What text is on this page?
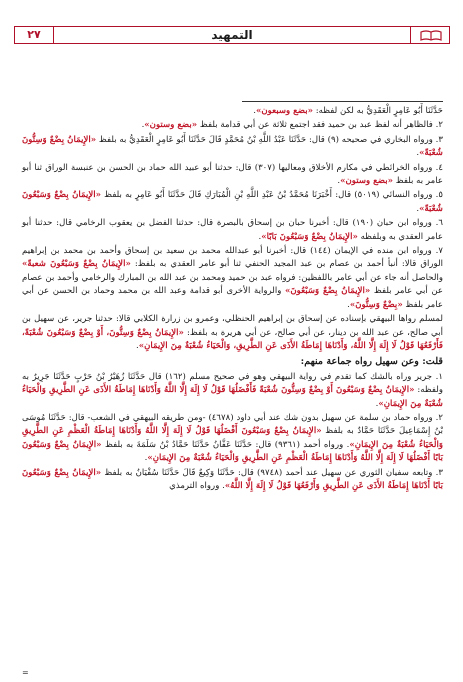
التمهيد
٢٧

حَدَّثَنَا أَبُو عَامِرٍ الْعَقَدِيُّ به لكن لفظه: «بضع وسبعون».

٢. فالظاهر أنه لفظ عبد بن حميد فقد اجتمع ثلاثة عن أبي قدامة بلفظ «بضع وستون».

٣. ورواه البخاري في صحيحه (٩) قال: حَدَّثَنَا عَبْدُ اللَّهِ بْنُ مُحَمَّدٍ قَالَ حَدَّثَنَا أَبُو عَامِرٍ الْعَقَدِيُّ به بلفظ «الإِيمَانُ بِضْعٌ وَسِتُّونَ شُعْبَةً».

٤. ورواه الخرائطي في مكارم الأخلاق ومعاليها (٣٠٧) قال: حدثنا أبو عبيد الله حماد بن الحسن بن عنبسة الوراق ثنا أبو عامر به بلفظ «بضع وستون».

٥. ورواه النسائي (٥٠١٩) قال: أَخْبَرَنَا مُحَمَّدُ بْنُ عَبْدِ اللَّهِ بْنِ الْمُبَارَكِ قَالَ حَدَّثَنَا أَبُو عَامِرٍ به بلفظ «الإِيمَانُ بِضْعٌ وَسَبْعُونَ شُعْبَةً».

٦. ورواه ابن حبان (١٩٠) قال: أخبرنا حبان بن إسحاق بالبصرة قال: حدثنا الفضل بن يعقوب الرخامي قال: حدثنا أبو عامر العقدي به وبلفظه «الإِيمَانُ بِضْعٌ وَسَبْعُونَ بَابًا».

٧. ورواه ابن منده في الإيمان (١٤٤) قال: أخبرنا أبو عبدالله محمد بن سعيد بن إسحاق وأحمد بن محمد بن إبراهيم الوراق قالا: أنبأ أحمد بن عصام بن عبد المجيد الحنفي ثنا أبو عامر العقدي به بلفظ: «الإِيمَانُ بِضْعٌ وَسَبْعُونَ شعبةً» والحاصل أنه جاء عن أبي عامر باللفظين: فرواه عبد بن حميد ومحمد بن عبد الله بن المبارك والرخامي وأحمد بن عصام عن أبي عامر بلفظ «الإِيمَانُ بِضْعٌ وَسَبْعُونَ» والرواية الأخرى أبو قدامة وعبد الله بن محمد وحماد بن الحسن عن أبي عامر بلفظ «بِضْعٌ وَسِتُّونَ».

لمسلم رواها البيهقي بإسناده عن إسحاق بن إبراهيم الحنظلي، وعمرو بن زرارة الكلابي قالا: حدثنا جرير، عن سهيل بن أبي صالح، عن عبد الله بن دينار، عن أبي صالح، عن أبي هريرة به بلفظ: «الإِيمَانُ بِضْعٌ وَسِتُّونَ، أَوْ بِضْعٌ وَسَبْعُونَ شُعْبَةً، فَأَرْفَعُهَا قَوْلُ لَا إِلَهَ إِلَّا اللَّهُ، وَأَدْنَاهَا إِمَاطَةُ الأَذَى عَنِ الطَّرِيقِ، وَالْحَيَاءُ شُعْبَةٌ مِنَ الإِيمَانِ».

قلت: وعن سهيل رواه جماعة منهم:

١. جرير وراه بالشك كما تقدم في رواية البيهقي وهو في صحيح مسلم (١٦٢) قال حَدَّثَنَا زُهَيْرُ بْنُ حَرْبٍ حَدَّثَنَا جَرِيرٌ به ولفظه: «الإِيمَانُ بِضْعٌ وَسَبْعُونَ أَوْ بِضْعٌ وَسِتُّونَ شُعْبَةً فَأَفْضَلُهَا قَوْلُ لَا إِلَهَ إِلَّا اللَّهُ وَأَدْنَاهَا إِمَاطَةُ الأَذَى عَنِ الطَّرِيقِ وَالْحَيَاءُ شُعْبَةٌ مِنَ الإِيمَانِ».

٢. ورواه حماد بن سلمة عن سهيل بدون شك عند أبي داود (٤٦٧٨) -ومن طريقه البيهقي في الشعب- قال: حَدَّثَنَا مُوسَى بْنُ إِسْمَاعِيلَ حَدَّثَنَا حَمَّادٌ به بلفظ «الإِيمَانُ بِضْعٌ وَسَبْعُونَ أَفْضَلُهَا قَوْلُ لَا إِلَهَ إِلَّا اللَّهُ وَأَدْنَاهَا إِمَاطَةُ الْعَظْمِ عَنِ الطَّرِيقِ وَالْحَيَاءُ شُعْبَةٌ مِنَ الإِيمَانِ». ورواه أحمد (٩٣٦١) قال: حَدَّثَنَا عَفَّانُ حَدَّثَنَا حَمَّادُ بْنُ سَلَمَةَ به بلفظ «الإِيمَانُ بِضْعٌ وَسَبْعُونَ بَابًا أَفْضَلُهَا لَا إِلَهَ إِلَّا اللَّهُ وَأَدْنَاهَا إِمَاطَةُ الْعَظْمِ عَنِ الطَّرِيقِ وَالْحَيَاءُ شُعْبَةٌ مِنَ الإِيمَانِ».

٣. وتابعه سفيان الثوري عن سهيل عند أحمد (٩٧٤٨) قال: حَدَّثَنَا وَكِيعٌ قَالَ حَدَّثَنَا سُفْيَانُ به بلفظ «الإِيمَانُ بِضْعٌ وَسَبْعُونَ بَابًا أَدْنَاهَا إِمَاطَةُ الأَذَى عَنِ الطَّرِيقِ وَأَرْفَعُهَا قَوْلُ لَا إِلَهَ إِلَّا اللَّهُ». ورواه الترمذي

=
